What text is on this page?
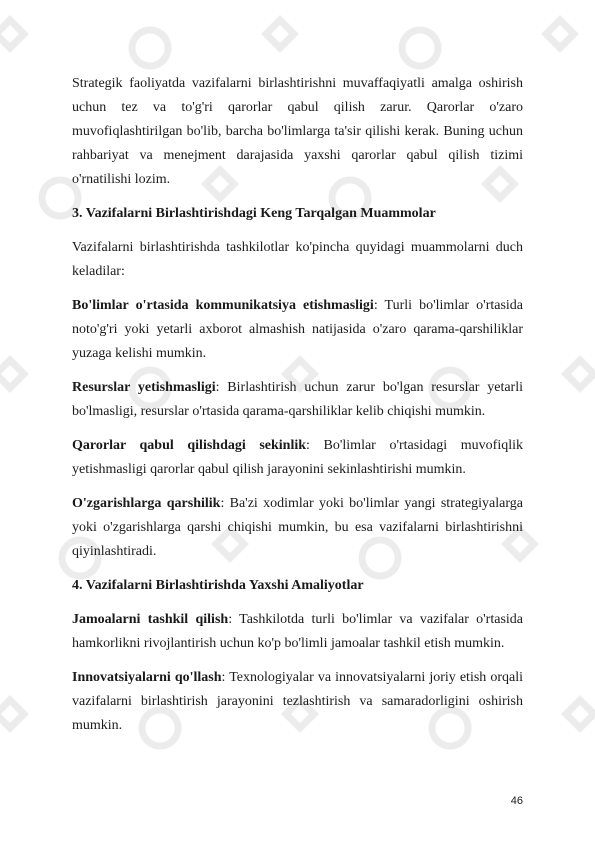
Strategik faoliyatda vazifalarni birlashtirishni muvaffaqiyatli amalga oshirish uchun tez va to'g'ri qarorlar qabul qilish zarur. Qarorlar o'zaro muvofiqlashtirilgan bo'lib, barcha bo'limlarga ta'sir qilishi kerak. Buning uchun rahbariyat va menejment darajasida yaxshi qarorlar qabul qilish tizimi o'rnatilishi lozim.

3. Vazifalarni Birlashtirishdagi Keng Tarqalgan Muammolar

Vazifalarni birlashtirishda tashkilotlar ko'pincha quyidagi muammolarni duch keladilar:

Bo'limlar o'rtasida kommunikatsiya etishmasligi: Turli bo'limlar o'rtasida noto'g'ri yoki yetarli axborot almashish natijasida o'zaro qarama-qarshiliklar yuzaga kelishi mumkin.

Resurslar yetishmasligi: Birlashtirish uchun zarur bo'lgan resurslar yetarli bo'lmasligi, resurslar o'rtasida qarama-qarshiliklar kelib chiqishi mumkin.

Qarorlar qabul qilishdagi sekinlik: Bo'limlar o'rtasidagi muvofiqlik yetishmasligi qarorlar qabul qilish jarayonini sekinlashtirishi mumkin.

O'zgarishlarga qarshilik: Ba'zi xodimlar yoki bo'limlar yangi strategiyalarga yoki o'zgarishlarga qarshi chiqishi mumkin, bu esa vazifalarni birlashtirishni qiyinlashtiradi.

4. Vazifalarni Birlashtirishda Yaxshi Amaliyotlar

Jamoalarni tashkil qilish: Tashkilotda turli bo'limlar va vazifalar o'rtasida hamkorlikni rivojlantirish uchun ko'p bo'limli jamoalar tashkil etish mumkin.

Innovatsiyalarni qo'llash: Texnologiyalar va innovatsiyalarni joriy etish orqali vazifalarni birlashtirish jarayonini tezlashtirish va samaradorligini oshirish mumkin.

46
